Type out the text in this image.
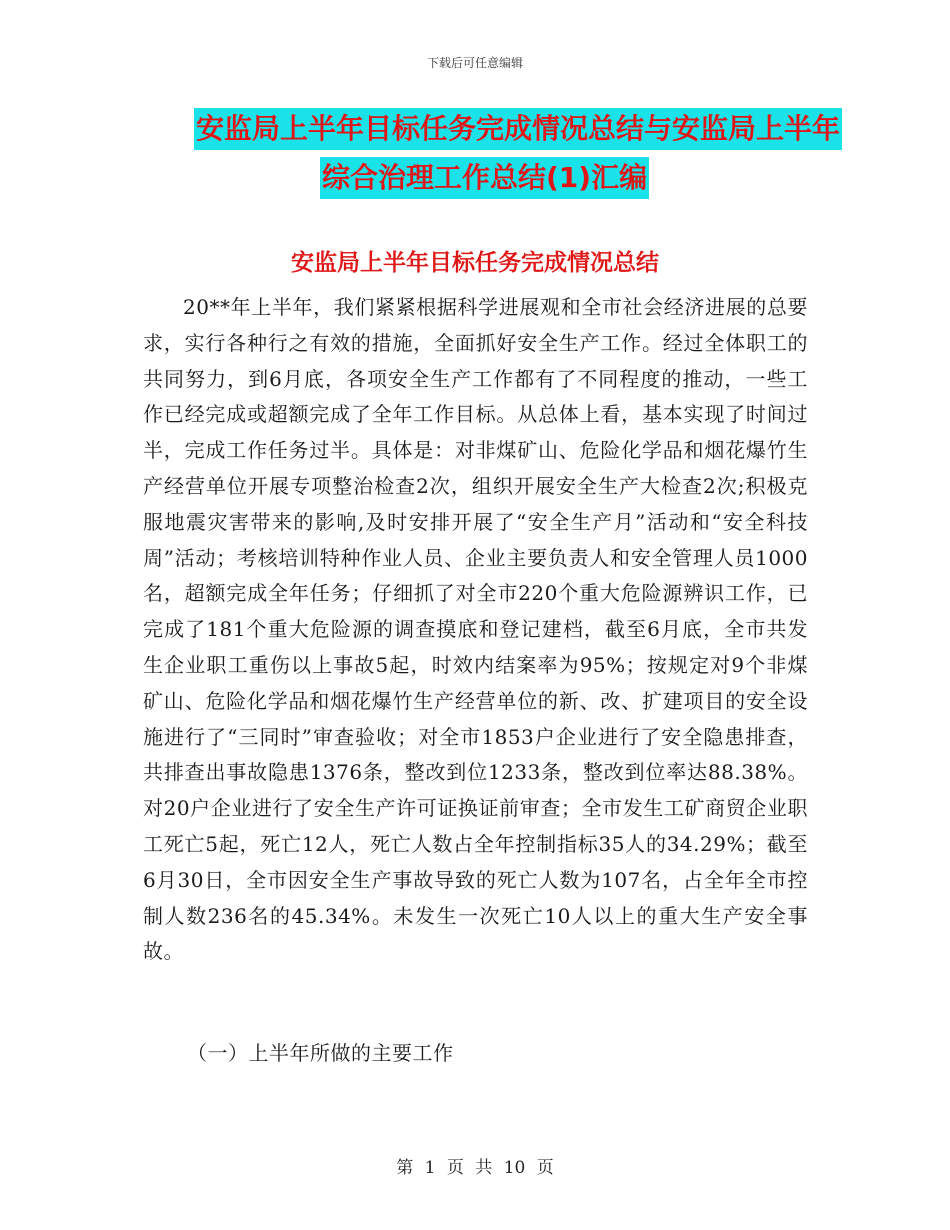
下载后可任意编辑
安监局上半年目标任务完成情况总结与安监局上半年
综合治理工作总结(1)汇编
安监局上半年目标任务完成情况总结

20**年上半年，我们紧紧根据科学进展观和全市社会经济进展的总要求，实行各种行之有效的措施，全面抓好安全生产工作。经过全体职工的共同努力，到6月底，各项安全生产工作都有了不同程度的推动，一些工作已经完成或超额完成了全年工作目标。从总体上看，基本实现了时间过半，完成工作任务过半。具体是：对非煤矿山、危险化学品和烟花爆竹生产经营单位开展专项整治检查2次，组织开展安全生产大检查2次;积极克服地震灾害带来的影响,及时安排开展了“安全生产月”活动和“安全科技周”活动；考核培训特种作业人员、企业主要负责人和安全管理人员1000名，超额完成全年任务；仔细抓了对全市220个重大危险源辨识工作，已完成了181个重大危险源的调查摸底和登记建档，截至6月底，全市共发生企业职工重伤以上事故5起，时效内结案率为95%；按规定对9个非煤矿山、危险化学品和烟花爆竹生产经营单位的新、改、扩建项目的安全设施进行了“三同时”审查验收；对全市1853户企业进行了安全隐患排查，共排查出事故隐患1376条，整改到位1233条，整改到位率达88.38%。对20户企业进行了安全生产许可证换证前审查；全市发生工矿商贸企业职工死亡5起，死亡12人，死亡人数占全年控制指标35人的34.29%；截至6月30日，全市因安全生产事故导致的死亡人数为107名，占全年全市控制人数236名的45.34%。未发生一次死亡10人以上的重大生产安全事故。

（一）上半年所做的主要工作
第 1 页 共 10 页
